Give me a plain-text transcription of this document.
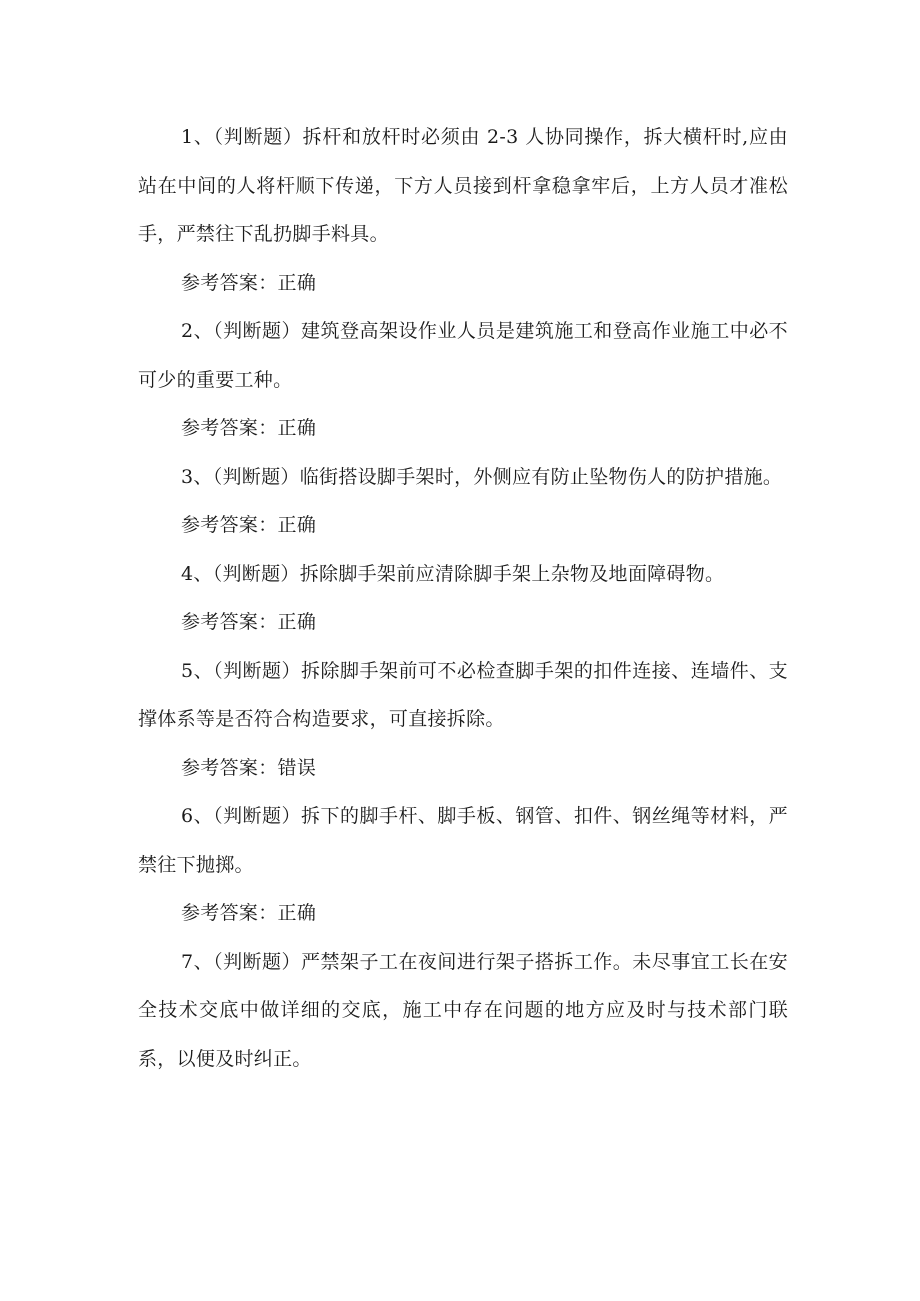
1、（判断题）拆杆和放杆时必须由 2-3 人协同操作，拆大横杆时,应由站在中间的人将杆顺下传递，下方人员接到杆拿稳拿牢后，上方人员才准松手，严禁往下乱扔脚手料具。

参考答案：正确

2、（判断题）建筑登高架设作业人员是建筑施工和登高作业施工中必不可少的重要工种。

参考答案：正确

3、（判断题）临街搭设脚手架时，外侧应有防止坠物伤人的防护措施。

参考答案：正确

4、（判断题）拆除脚手架前应清除脚手架上杂物及地面障碍物。

参考答案：正确

5、（判断题）拆除脚手架前可不必检查脚手架的扣件连接、连墙件、支撑体系等是否符合构造要求，可直接拆除。

参考答案：错误

6、（判断题）拆下的脚手杆、脚手板、钢管、扣件、钢丝绳等材料，严禁往下抛掷。

参考答案：正确

7、（判断题）严禁架子工在夜间进行架子搭拆工作。未尽事宜工长在安全技术交底中做详细的交底，施工中存在问题的地方应及时与技术部门联系，以便及时纠正。
